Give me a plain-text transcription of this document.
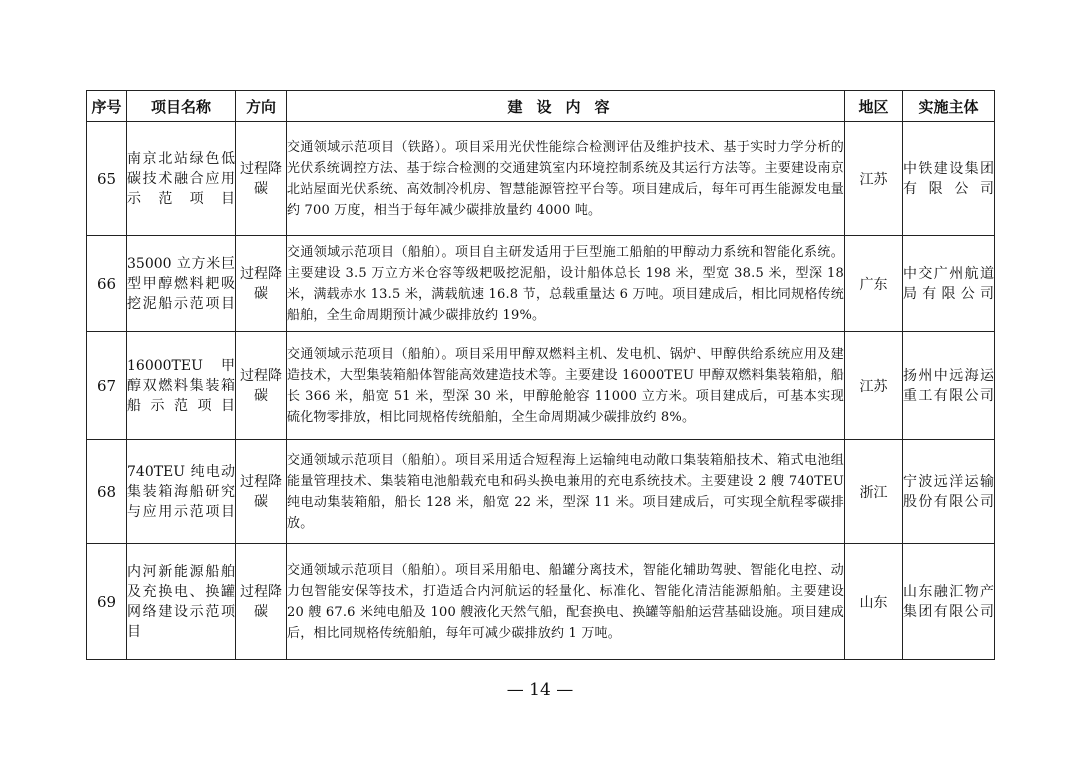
序号	项目名称	方向	建设内容	地区	实施主体
65	南京北站绿色低碳技术融合应用示范项目	过程降碳	交通领域示范项目（铁路）。项目采用光伏性能综合检测评估及维护技术、基于实时力学分析的光伏系统调控方法、基于综合检测的交通建筑室内环境控制系统及其运行方法等。主要建设南京北站屋面光伏系统、高效制冷机房、智慧能源管控平台等。项目建成后，每年可再生能源发电量约 700 万度，相当于每年减少碳排放量约 4000 吨。	江苏	中铁建设集团有限公司
66	35000 立方米巨型甲醇燃料耙吸挖泥船示范项目	过程降碳	交通领域示范项目（船舶）。项目自主研发适用于巨型施工船舶的甲醇动力系统和智能化系统。主要建设 3.5 万立方米仓容等级耙吸挖泥船，设计船体总长 198 米，型宽 38.5 米，型深 18 米，满载赤水 13.5 米，满载航速 16.8 节，总载重量达 6 万吨。项目建成后，相比同规格传统船舶，全生命周期预计减少碳排放约 19%。	广东	中交广州航道局有限公司
67	16000TEU 甲醇双燃料集装箱船示范项目	过程降碳	交通领域示范项目（船舶）。项目采用甲醇双燃料主机、发电机、锅炉、甲醇供给系统应用及建造技术，大型集装箱船体智能高效建造技术等。主要建设 16000TEU 甲醇双燃料集装箱船，船长 366 米，船宽 51 米，型深 30 米，甲醇舱舱容 11000 立方米。项目建成后，可基本实现硫化物零排放，相比同规格传统船舶，全生命周期减少碳排放约 8%。	江苏	扬州中远海运重工有限公司
68	740TEU 纯电动集装箱海船研究与应用示范项目	过程降碳	交通领域示范项目（船舶）。项目采用适合短程海上运输纯电动敞口集装箱船技术、箱式电池组能量管理技术、集装箱电池船载充电和码头换电兼用的充电系统技术。主要建设 2 艘 740TEU 纯电动集装箱船，船长 128 米，船宽 22 米，型深 11 米。项目建成后，可实现全航程零碳排放。	浙江	宁波远洋运输股份有限公司
69	内河新能源船舶及充换电、换罐网络建设示范项目	过程降碳	交通领域示范项目（船舶）。项目采用船电、船罐分离技术，智能化辅助驾驶、智能化电控、动力包智能安保等技术，打造适合内河航运的轻量化、标准化、智能化清洁能源船舶。主要建设 20 艘 67.6 米纯电船及 100 艘液化天然气船，配套换电、换罐等船舶运营基础设施。项目建成后，相比同规格传统船舶，每年可减少碳排放约 1 万吨。	山东	山东融汇物产集团有限公司
— 14 —
